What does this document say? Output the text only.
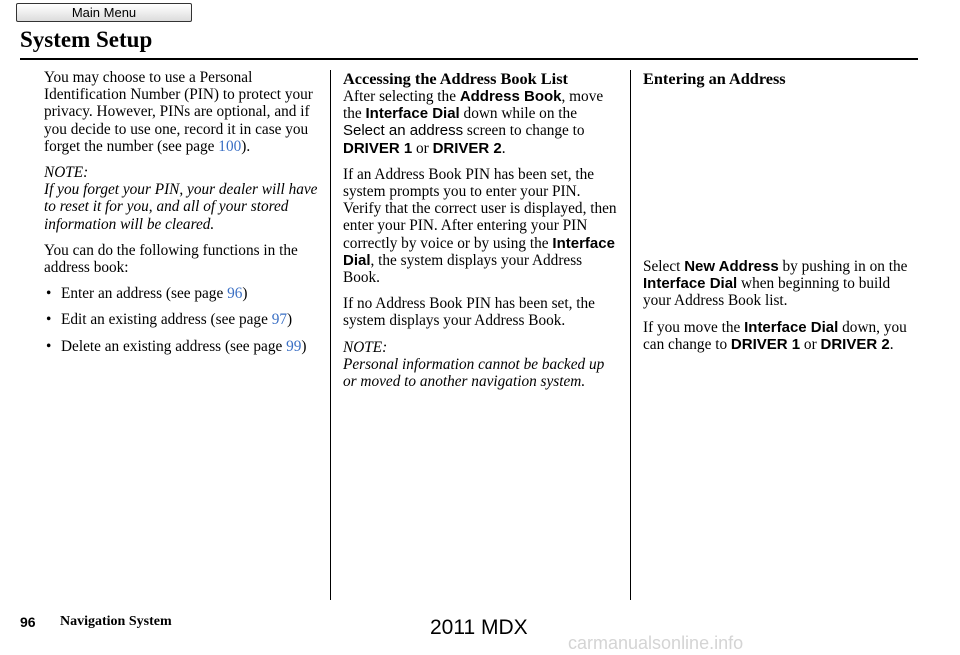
Main Menu
System Setup

You may choose to use a Personal Identification Number (PIN) to protect your privacy. However, PINs are optional, and if you decide to use one, record it in case you forget the number (see page 100).

NOTE:

If you forget your PIN, your dealer will have to reset it for you, and all of your stored information will be cleared.

You can do the following functions in the address book:

• Enter an address (see page 96)
• Edit an existing address (see page 97)
• Delete an existing address (see page 99)
Accessing the Address Book List

After selecting the Address Book, move the Interface Dial down while on the Select an address screen to change to DRIVER 1 or DRIVER 2.

If an Address Book PIN has been set, the system prompts you to enter your PIN. Verify that the correct user is displayed, then enter your PIN. After entering your PIN correctly by voice or by using the Interface Dial, the system displays your Address Book.

If no Address Book PIN has been set, the system displays your Address Book.

NOTE:

Personal information cannot be backed up or moved to another navigation system.

Entering an Address

Select New Address by pushing in on the Interface Dial when beginning to build your Address Book list.

If you move the Interface Dial down, you can change to DRIVER 1 or DRIVER 2.

96 Navigation System	2011 MDX
carmanualsonline.info
